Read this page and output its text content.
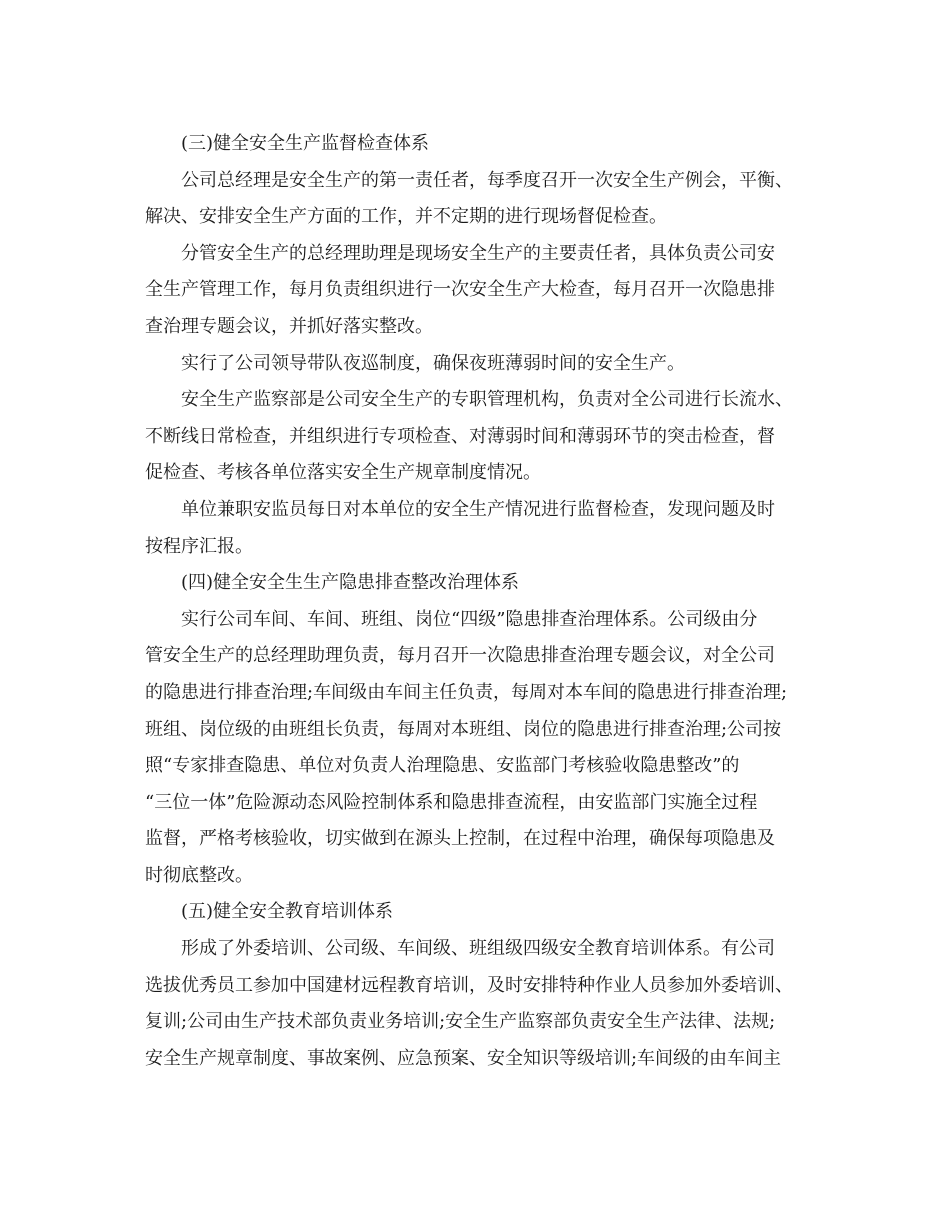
(三)健全安全生产监督检查体系
公司总经理是安全生产的第一责任者，每季度召开一次安全生产例会，平衡、
解决、安排安全生产方面的工作，并不定期的进行现场督促检查。
分管安全生产的总经理助理是现场安全生产的主要责任者，具体负责公司安
全生产管理工作，每月负责组织进行一次安全生产大检查，每月召开一次隐患排
查治理专题会议，并抓好落实整改。
实行了公司领导带队夜巡制度，确保夜班薄弱时间的安全生产。
安全生产监察部是公司安全生产的专职管理机构，负责对全公司进行长流水、
不断线日常检查，并组织进行专项检查、对薄弱时间和薄弱环节的突击检查，督
促检查、考核各单位落实安全生产规章制度情况。
单位兼职安监员每日对本单位的安全生产情况进行监督检查，发现问题及时
按程序汇报。
(四)健全安全生生产隐患排查整改治理体系
实行公司车间、车间、班组、岗位“四级”隐患排查治理体系。公司级由分
管安全生产的总经理助理负责，每月召开一次隐患排查治理专题会议，对全公司
的隐患进行排查治理;车间级由车间主任负责，每周对本车间的隐患进行排查治理;
班组、岗位级的由班组长负责，每周对本班组、岗位的隐患进行排查治理;公司按
照“专家排查隐患、单位对负责人治理隐患、安监部门考核验收隐患整改”的
“三位一体”危险源动态风险控制体系和隐患排查流程，由安监部门实施全过程
监督，严格考核验收，切实做到在源头上控制，在过程中治理，确保每项隐患及
时彻底整改。
(五)健全安全教育培训体系
形成了外委培训、公司级、车间级、班组级四级安全教育培训体系。有公司
选拔优秀员工参加中国建材远程教育培训，及时安排特种作业人员参加外委培训、
复训;公司由生产技术部负责业务培训;安全生产监察部负责安全生产法律、法规;
安全生产规章制度、事故案例、应急预案、安全知识等级培训;车间级的由车间主
